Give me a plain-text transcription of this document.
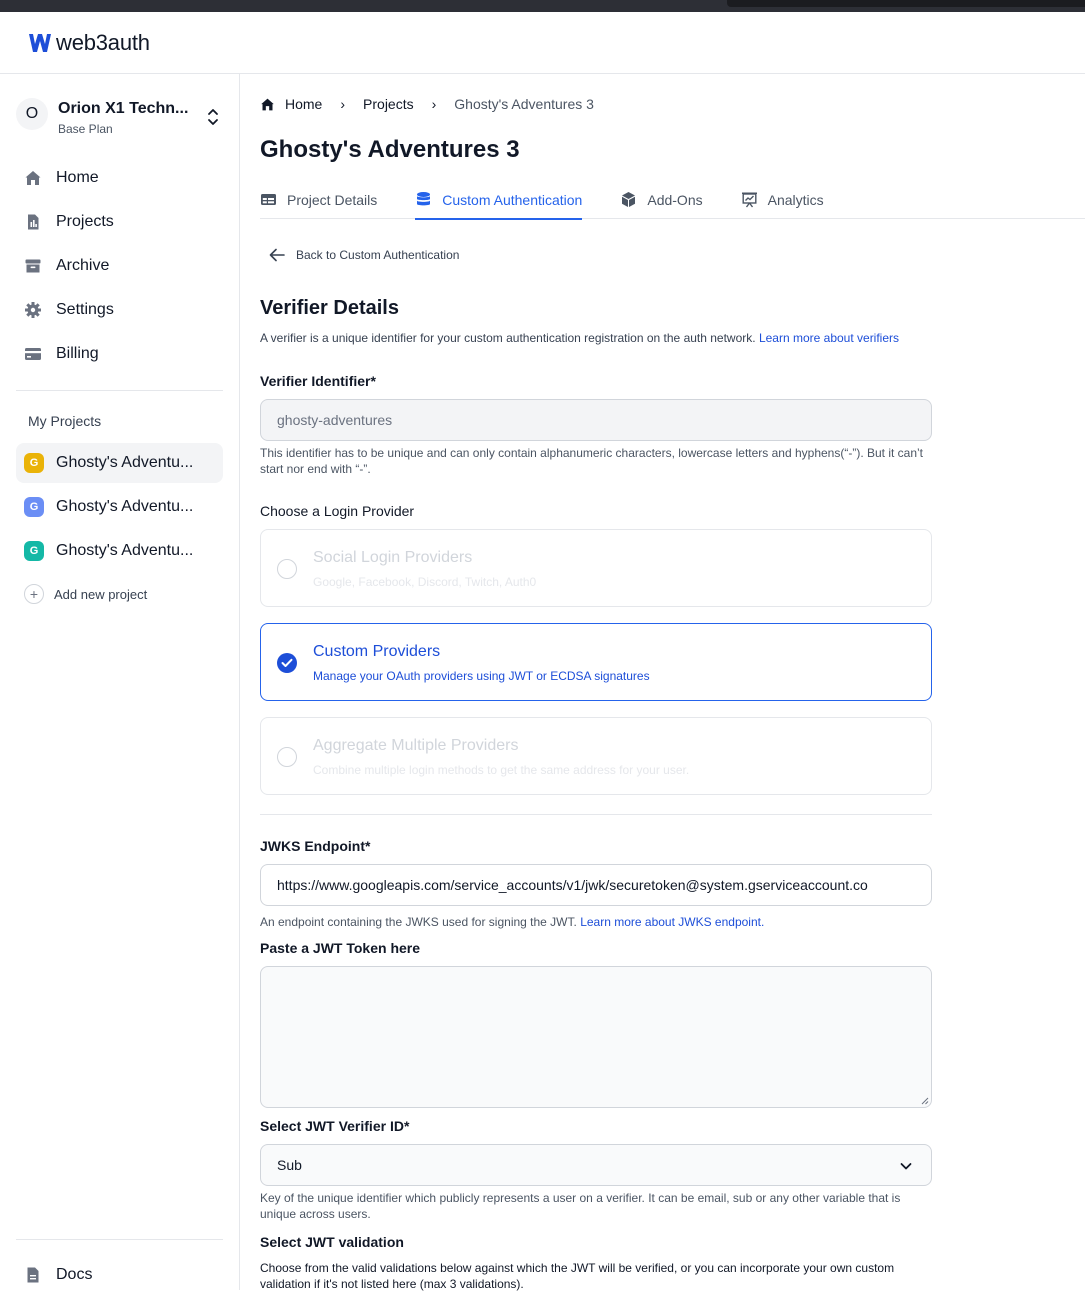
web3auth
O	Orion X1 Techn...
Base Plan
Home
Projects
Archive
Settings
Billing
My Projects
G	Ghosty's Adventu...
G	Ghosty's Adventu...
G	Ghosty's Adventu...
+	Add new project
Docs
Home › Projects › Ghosty's Adventures 3
Ghosty's Adventures 3
Project Details	Custom Authentication	Add-Ons	Analytics
Back to Custom Authentication
Verifier Details
A verifier is a unique identifier for your custom authentication registration on the auth network. Learn more about verifiers
Verifier Identifier*
ghosty-adventures
This identifier has to be unique and can only contain alphanumeric characters, lowercase letters and hyphens(“-”). But it can’t start nor end with “-”.
Choose a Login Provider
Social Login Providers
Google, Facebook, Discord, Twitch, Auth0
Custom Providers
Manage your OAuth providers using JWT or ECDSA signatures
Aggregate Multiple Providers
Combine multiple login methods to get the same address for your user.
JWKS Endpoint*
https://www.googleapis.com/service_accounts/v1/jwk/securetoken@system.gserviceaccount.co
An endpoint containing the JWKS used for signing the JWT. Learn more about JWKS endpoint.
Paste a JWT Token here
Select JWT Verifier ID*
Sub
Key of the unique identifier which publicly represents a user on a verifier. It can be email, sub or any other variable that is unique across users.
Select JWT validation
Choose from the valid validations below against which the JWT will be verified, or you can incorporate your own custom validation if it's not listed here (max 3 validations).
